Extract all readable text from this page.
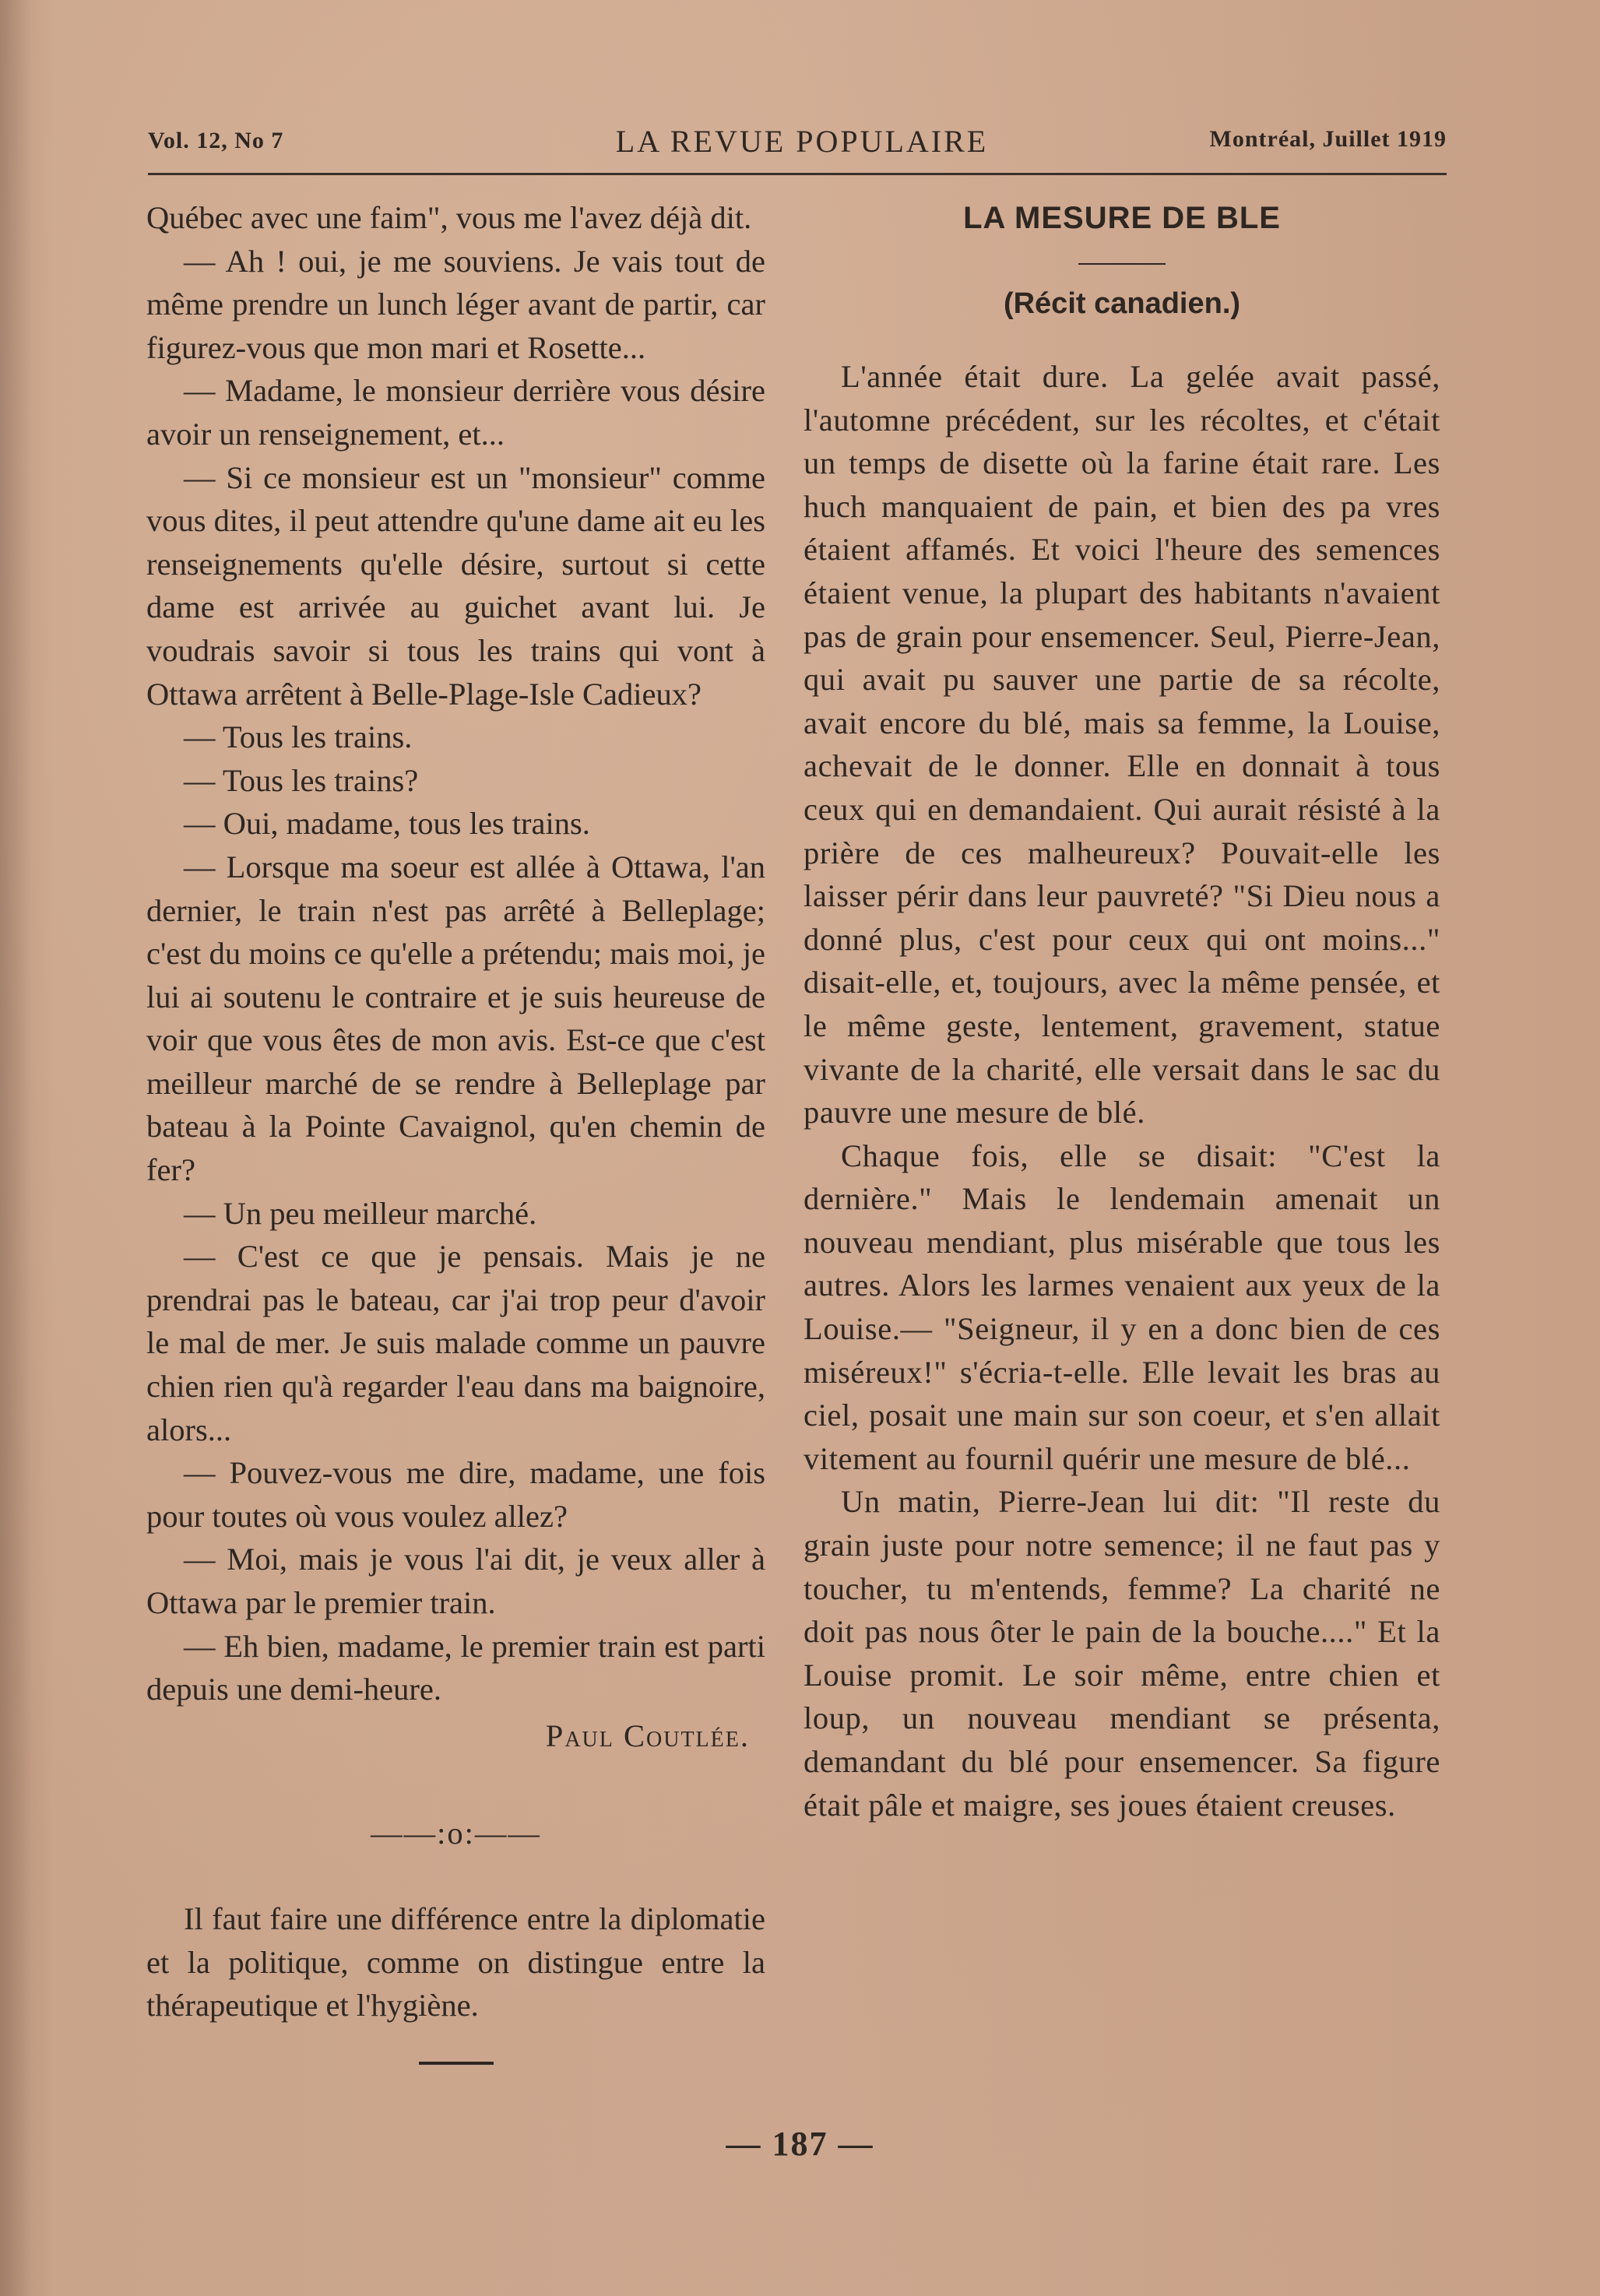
Vol. 12, No 7	LA REVUE POPULAIRE	Montréal, Juillet 1919

Québec avec une faim", vous me l'avez déjà dit.

— Ah ! oui, je me souviens. Je vais tout de même prendre un lunch léger avant de partir, car figurez-vous que mon mari et Rosette...

— Madame, le monsieur derrière vous désire avoir un renseignement, et...

— Si ce monsieur est un "monsieur" comme vous dites, il peut attendre qu'une dame ait eu les renseignements qu'elle désire, surtout si cette dame est arrivée au guichet avant lui. Je voudrais savoir si tous les trains qui vont à Ottawa arrêtent à Belle-Plage-Isle Cadieux?

— Tous les trains.

— Tous les trains?

— Oui, madame, tous les trains.

— Lorsque ma soeur est allée à Ottawa, l'an dernier, le train n'est pas arrêté à Belleplage; c'est du moins ce qu'elle a prétendu; mais moi, je lui ai soutenu le contraire et je suis heureuse de voir que vous êtes de mon avis. Est-ce que c'est meilleur marché de se rendre à Belleplage par bateau à la Pointe Cavaignol, qu'en chemin de fer?

— Un peu meilleur marché.

— C'est ce que je pensais. Mais je ne prendrai pas le bateau, car j'ai trop peur d'avoir le mal de mer. Je suis malade comme un pauvre chien rien qu'à regarder l'eau dans ma baignoire, alors...

— Pouvez-vous me dire, madame, une fois pour toutes où vous voulez allez?

— Moi, mais je vous l'ai dit, je veux aller à Ottawa par le premier train.

— Eh bien, madame, le premier train est parti depuis une demi-heure.

Paul Coutlée.
——:o:——

Il faut faire une différence entre la diplomatie et la politique, comme on distingue entre la thérapeutique et l'hygiène.

LA MESURE DE BLE
(Récit canadien.)

L'année était dure. La gelée avait passé, l'automne précédent, sur les récoltes, et c'était un temps de disette où la farine était rare. Les huch manquaient de pain, et bien des pa vres étaient affamés. Et voici l'heure des semences étaient venue, la plupart des habitants n'avaient pas de grain pour ensemencer. Seul, Pierre-Jean, qui avait pu sauver une partie de sa récolte, avait encore du blé, mais sa femme, la Louise, achevait de le donner. Elle en donnait à tous ceux qui en demandaient. Qui aurait résisté à la prière de ces malheureux? Pouvait-elle les laisser périr dans leur pauvreté? "Si Dieu nous a donné plus, c'est pour ceux qui ont moins..." disait-elle, et, toujours, avec la même pensée, et le même geste, lentement, gravement, statue vivante de la charité, elle versait dans le sac du pauvre une mesure de blé.

Chaque fois, elle se disait: "C'est la dernière." Mais le lendemain amenait un nouveau mendiant, plus misérable que tous les autres. Alors les larmes venaient aux yeux de la Louise.— "Seigneur, il y en a donc bien de ces miséreux!" s'écria-t-elle. Elle levait les bras au ciel, posait une main sur son coeur, et s'en allait vitement au fournil quérir une mesure de blé...

Un matin, Pierre-Jean lui dit: "Il reste du grain juste pour notre semence; il ne faut pas y toucher, tu m'entends, femme? La charité ne doit pas nous ôter le pain de la bouche...." Et la Louise promit. Le soir même, entre chien et loup, un nouveau mendiant se présenta, demandant du blé pour ensemencer. Sa figure était pâle et maigre, ses joues étaient creuses.

— 187 —
